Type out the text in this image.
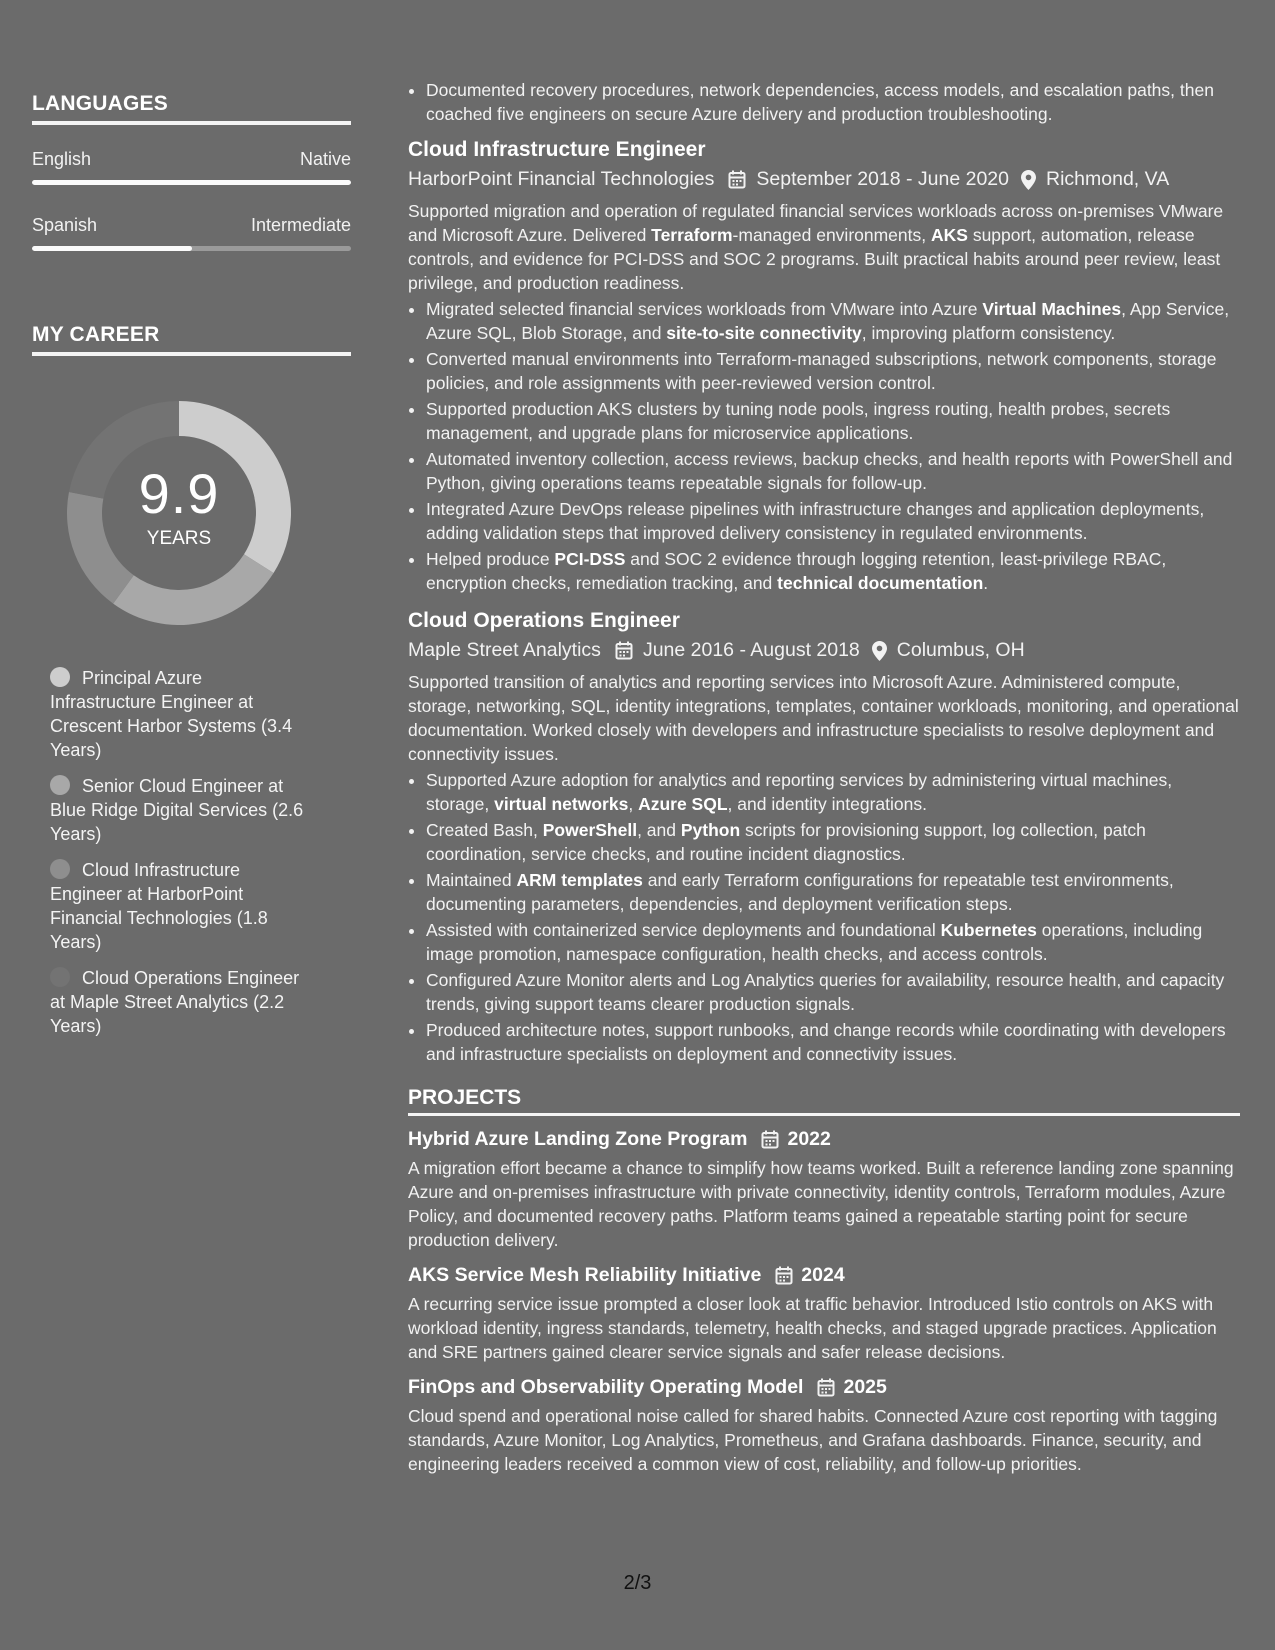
LANGUAGES
English	Native
Spanish	Intermediate
MY CAREER
9.9
YEARS
Principal Azure Infrastructure Engineer at Crescent Harbor Systems (3.4 Years)
Senior Cloud Engineer at Blue Ridge Digital Services (2.6 Years)
Cloud Infrastructure Engineer at HarborPoint Financial Technologies (1.8 Years)
Cloud Operations Engineer at Maple Street Analytics (2.2 Years)
• Documented recovery procedures, network dependencies, access models, and escalation paths, then coached five engineers on secure Azure delivery and production troubleshooting.
Cloud Infrastructure Engineer
HarborPoint Financial Technologies September 2018 - June 2020 Richmond, VA
Supported migration and operation of regulated financial services workloads across on-premises VMware and Microsoft Azure. Delivered Terraform-managed environments, AKS support, automation, release controls, and evidence for PCI-DSS and SOC 2 programs. Built practical habits around peer review, least privilege, and production readiness.
• Migrated selected financial services workloads from VMware into Azure Virtual Machines, App Service, Azure SQL, Blob Storage, and site-to-site connectivity, improving platform consistency.
• Converted manual environments into Terraform-managed subscriptions, network components, storage policies, and role assignments with peer-reviewed version control.
• Supported production AKS clusters by tuning node pools, ingress routing, health probes, secrets management, and upgrade plans for microservice applications.
• Automated inventory collection, access reviews, backup checks, and health reports with PowerShell and Python, giving operations teams repeatable signals for follow-up.
• Integrated Azure DevOps release pipelines with infrastructure changes and application deployments, adding validation steps that improved delivery consistency in regulated environments.
• Helped produce PCI-DSS and SOC 2 evidence through logging retention, least-privilege RBAC, encryption checks, remediation tracking, and technical documentation.
Cloud Operations Engineer
Maple Street Analytics June 2016 - August 2018 Columbus, OH
Supported transition of analytics and reporting services into Microsoft Azure. Administered compute, storage, networking, SQL, identity integrations, templates, container workloads, monitoring, and operational documentation. Worked closely with developers and infrastructure specialists to resolve deployment and connectivity issues.
• Supported Azure adoption for analytics and reporting services by administering virtual machines, storage, virtual networks, Azure SQL, and identity integrations.
• Created Bash, PowerShell, and Python scripts for provisioning support, log collection, patch coordination, service checks, and routine incident diagnostics.
• Maintained ARM templates and early Terraform configurations for repeatable test environments, documenting parameters, dependencies, and deployment verification steps.
• Assisted with containerized service deployments and foundational Kubernetes operations, including image promotion, namespace configuration, health checks, and access controls.
• Configured Azure Monitor alerts and Log Analytics queries for availability, resource health, and capacity trends, giving support teams clearer production signals.
• Produced architecture notes, support runbooks, and change records while coordinating with developers and infrastructure specialists on deployment and connectivity issues.
PROJECTS
Hybrid Azure Landing Zone Program 2022
A migration effort became a chance to simplify how teams worked. Built a reference landing zone spanning Azure and on-premises infrastructure with private connectivity, identity controls, Terraform modules, Azure Policy, and documented recovery paths. Platform teams gained a repeatable starting point for secure production delivery.
AKS Service Mesh Reliability Initiative 2024
A recurring service issue prompted a closer look at traffic behavior. Introduced Istio controls on AKS with workload identity, ingress standards, telemetry, health checks, and staged upgrade practices. Application and SRE partners gained clearer service signals and safer release decisions.
FinOps and Observability Operating Model 2025
Cloud spend and operational noise called for shared habits. Connected Azure cost reporting with tagging standards, Azure Monitor, Log Analytics, Prometheus, and Grafana dashboards. Finance, security, and engineering leaders received a common view of cost, reliability, and follow-up priorities.
2/3
